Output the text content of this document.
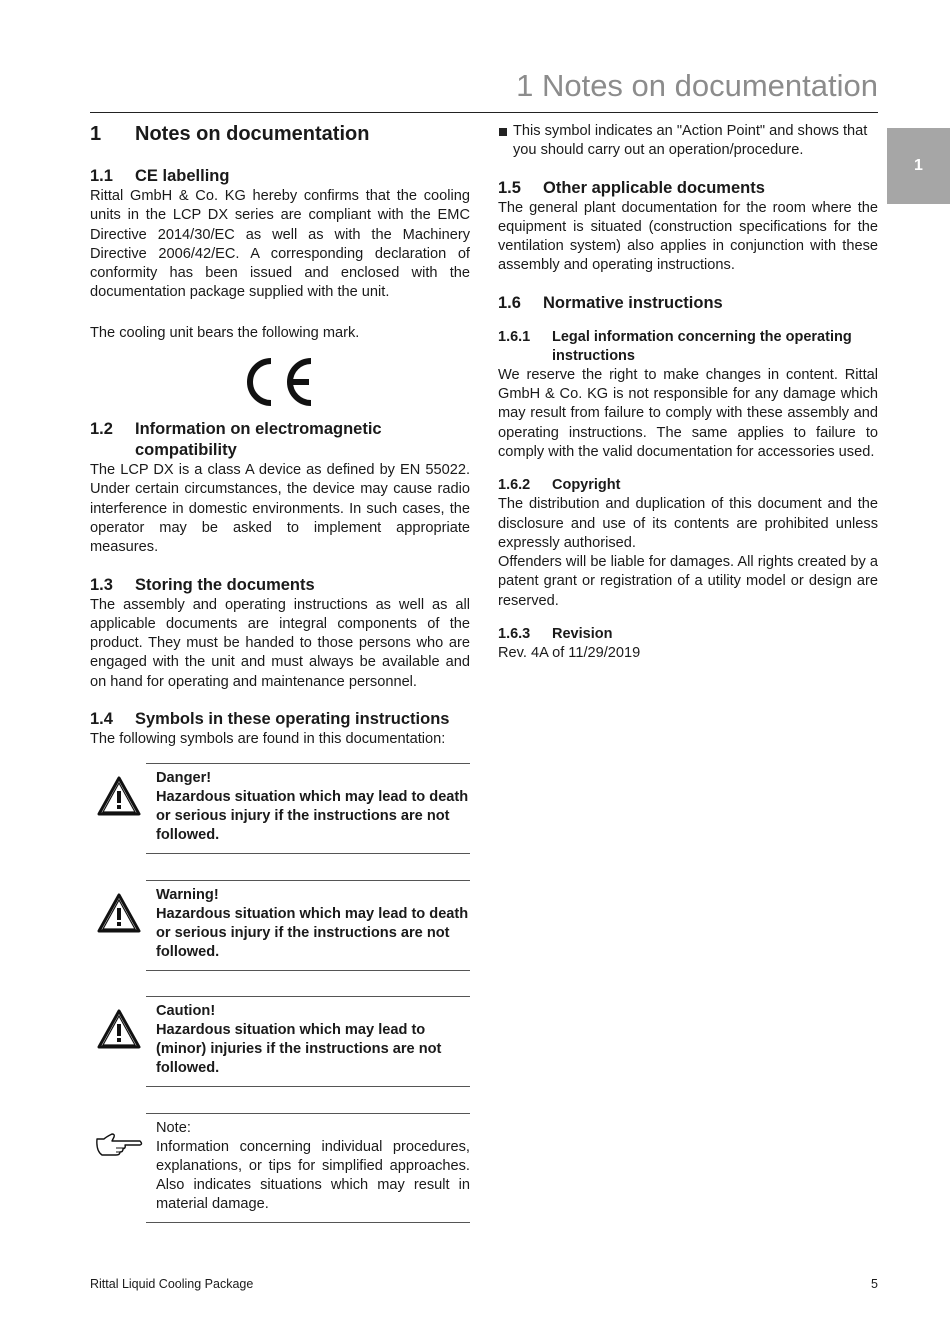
1 Notes on documentation
1
1	Notes on documentation
1.1	CE labelling

Rittal GmbH & Co. KG hereby confirms that the cooling units in the LCP DX series are compliant with the EMC Directive 2014/30/EC as well as with the Machinery Directive 2006/42/EC. A corresponding declaration of conformity has been issued and enclosed with the documentation package supplied with the unit.

The cooling unit bears the following mark.

1.2	Information on electromagnetic compatibility

The LCP DX is a class A device as defined by EN 55022. Under certain circumstances, the device may cause radio interference in domestic environments. In such cases, the operator may be asked to implement appropriate measures.

1.3	Storing the documents

The assembly and operating instructions as well as all applicable documents are integral components of the product. They must be handed to those persons who are engaged with the unit and must always be available and on hand for operating and maintenance personnel.

1.4	Symbols in these operating instructions

The following symbols are found in this documentation:

Danger!
Hazardous situation which may lead to death or serious injury if the instructions are not followed.
Warning!
Hazardous situation which may lead to death or serious injury if the instructions are not followed.
Caution!
Hazardous situation which may lead to (minor) injuries if the instructions are not followed.
Note:
Information concerning individual procedures, explanations, or tips for simplified approaches. Also indicates situations which may result in material damage.
This symbol indicates an "Action Point" and shows that you should carry out an operation/procedure.
1.5	Other applicable documents

The general plant documentation for the room where the equipment is situated (construction specifications for the ventilation system) also applies in conjunction with these assembly and operating instructions.

1.6	Normative instructions
1.6.1	Legal information concerning the operating instructions

We reserve the right to make changes in content. Rittal GmbH & Co. KG is not responsible for any damage which may result from failure to comply with these assembly and operating instructions. The same applies to failure to comply with the valid documentation for accessories used.

1.6.2	Copyright

The distribution and duplication of this document and the disclosure and use of its contents are prohibited unless expressly authorised.

Offenders will be liable for damages. All rights created by a patent grant or registration of a utility model or design are reserved.

1.6.3	Revision

Rev. 4A of 11/29/2019

Rittal Liquid Cooling Package	5
